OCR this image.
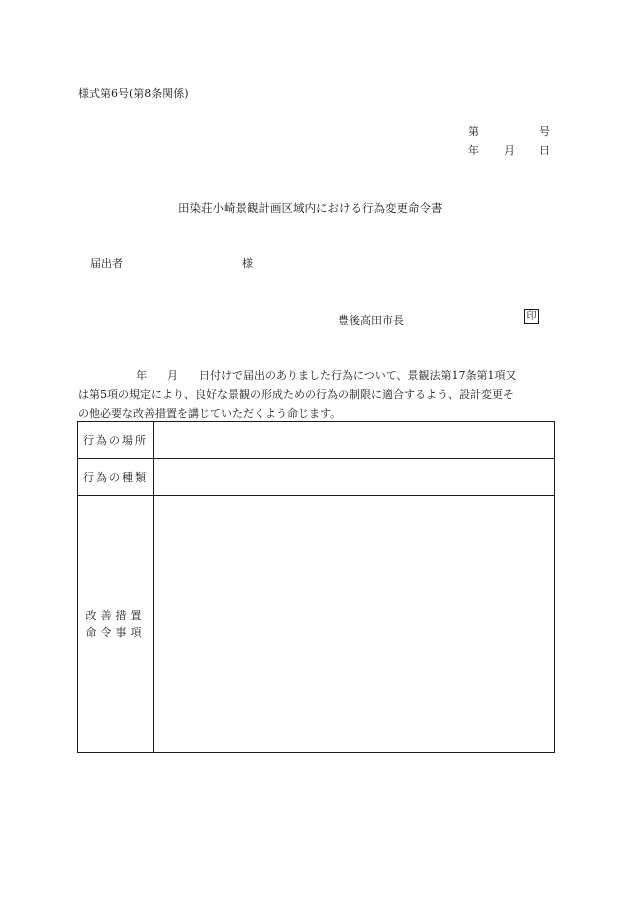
様式第6号(第8条関係)
第	号
年 月 日
田染荘小崎景観計画区域内における行為変更命令書
届出者	様
豊後高田市長	印
年 月 日付けで届出のありました行為について、景観法第17条第1項又
は第5項の規定により、良好な景観の形成ための行為の制限に適合するよう、設計変更そ
の他必要な改善措置を講じていただくよう命じます。
行為の場所	
行為の種類	
改善措置
命令事項	
